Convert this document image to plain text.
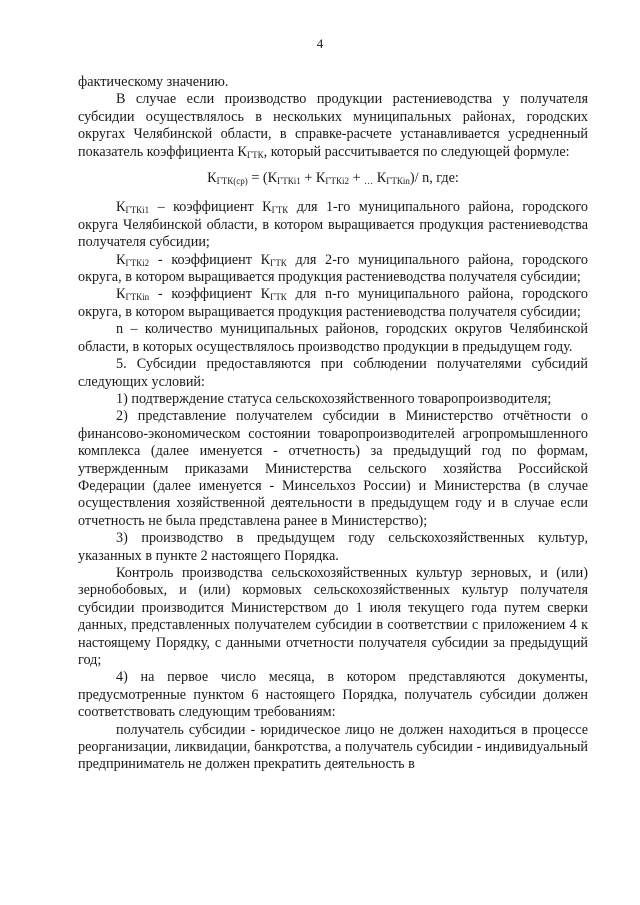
4

фактическому значению.

В случае если производство продукции растениеводства у получателя субсидии осуществлялось в нескольких муниципальных районах, городских округах Челябинской области, в справке-расчете устанавливается усредненный показатель коэффициента $К_{ГТК}$, который рассчитывается по следующей формуле:

$К_{ГТК(ср)} = (К_{ГТКi1} + К_{ГТКi2} + _\dots$ $К_{ГТКin})/$ n, где:

$К_{ГТКi1}$ – коэффициент $К_{ГТК}$ для 1-го муниципального района, городского округа Челябинской области, в котором выращивается продукция растениеводства получателя субсидии;

$К_{ГТКi2}$ - коэффициент $К_{ГТК}$ для 2-го муниципального района, городского округа, в котором выращивается продукция растениеводства получателя субсидии;

$К_{ГТКin}$ - коэффициент $К_{ГТК}$ для n-го муниципального района, городского округа, в котором выращивается продукция растениеводства получателя субсидии;

n – количество муниципальных районов, городских округов Челябинской области, в которых осуществлялось производство продукции в предыдущем году.

5. Субсидии предоставляются при соблюдении получателями субсидий следующих условий:

1) подтверждение статуса сельскохозяйственного товаропроизводителя;

2) представление получателем субсидии в Министерство отчётности о финансово-экономическом состоянии товаропроизводителей агропромышленного комплекса (далее именуется - отчетность) за предыдущий год по формам, утвержденным приказами Министерства сельского хозяйства Российской Федерации (далее именуется - Минсельхоз России) и Министерства (в случае осуществления хозяйственной деятельности в предыдущем году и в случае если отчетность не была представлена ранее в Министерство);

3) производство в предыдущем году сельскохозяйственных культур, указанных в пункте 2 настоящего Порядка.

Контроль производства сельскохозяйственных культур зерновых, и (или) зернобобовых, и (или) кормовых сельскохозяйственных культур получателя субсидии производится Министерством до 1 июля текущего года путем сверки данных, представленных получателем субсидии в соответствии с приложением 4 к настоящему Порядку, с данными отчетности получателя субсидии за предыдущий год;

4) на первое число месяца, в котором представляются документы, предусмотренные пунктом 6 настоящего Порядка, получатель субсидии должен соответствовать следующим требованиям:

получатель субсидии - юридическое лицо не должен находиться в процессе реорганизации, ликвидации, банкротства, а получатель субсидии - индивидуальный предприниматель не должен прекратить деятельность в
